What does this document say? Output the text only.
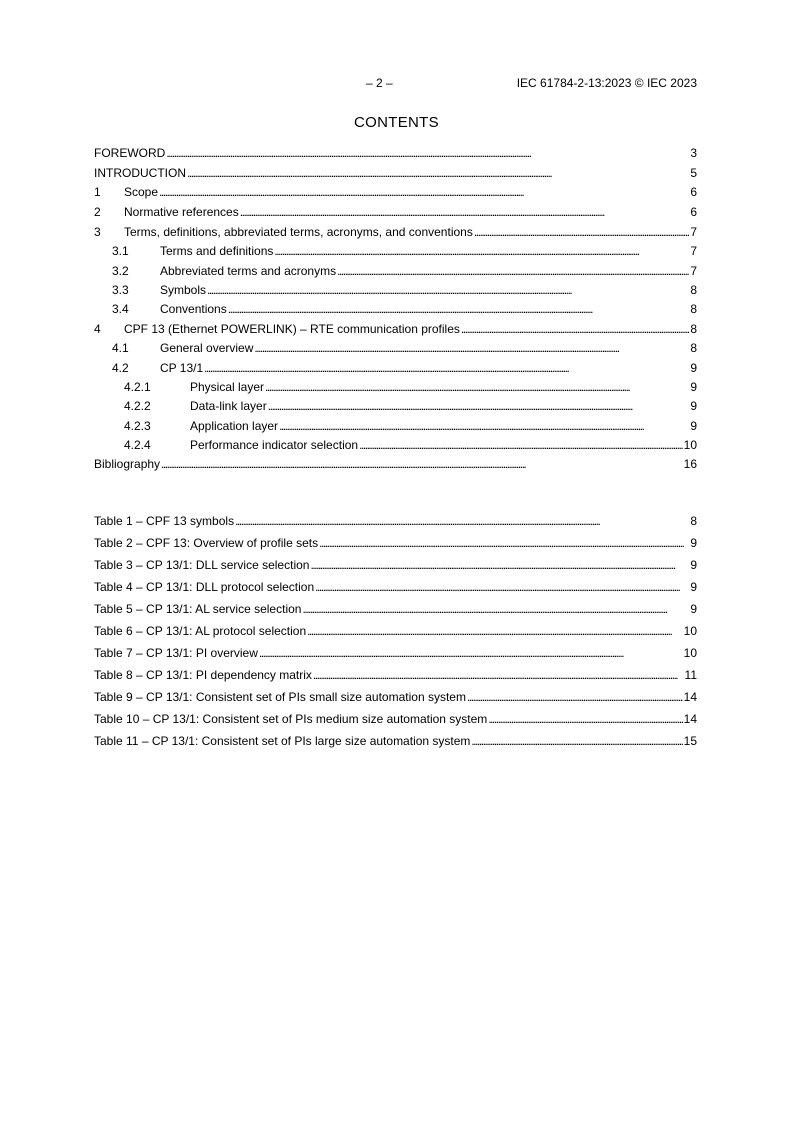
– 2 –	IEC 61784-2-13:2023 © IEC 2023
CONTENTS
FOREWORD . . .	3
INTRODUCTION . . .	5
1	Scope . . .	6
2	Normative references . . .	6
3	Terms, definitions, abbreviated terms, acronyms, and conventions . . .	7
3.1	Terms and definitions . . .	7
3.2	Abbreviated terms and acronyms . . .	7
3.3	Symbols . . .	8
3.4	Conventions . . .	8
4	CPF 13 (Ethernet POWERLINK) – RTE communication profiles . . .	8
4.1	General overview . . .	8
4.2	CP 13/1 . . .	9
4.2.1	Physical layer . . .	9
4.2.2	Data-link layer . . .	9
4.2.3	Application layer . . .	9
4.2.4	Performance indicator selection . . .	10
Bibliography . . .	16
Table 1 – CPF 13 symbols . . .	8
Table 2 – CPF 13: Overview of profile sets . . .	9
Table 3 – CP 13/1: DLL service selection . . .	9
Table 4 – CP 13/1: DLL protocol selection . . .	9
Table 5 – CP 13/1: AL service selection . . .	9
Table 6 – CP 13/1: AL protocol selection . . .	10
Table 7 – CP 13/1: PI overview . . .	10
Table 8 – CP 13/1: PI dependency matrix . . .	11
Table 9 – CP 13/1: Consistent set of PIs small size automation system . . .	14
Table 10 – CP 13/1: Consistent set of PIs medium size automation system . . .	14
Table 11 – CP 13/1: Consistent set of PIs large size automation system . . .	15
